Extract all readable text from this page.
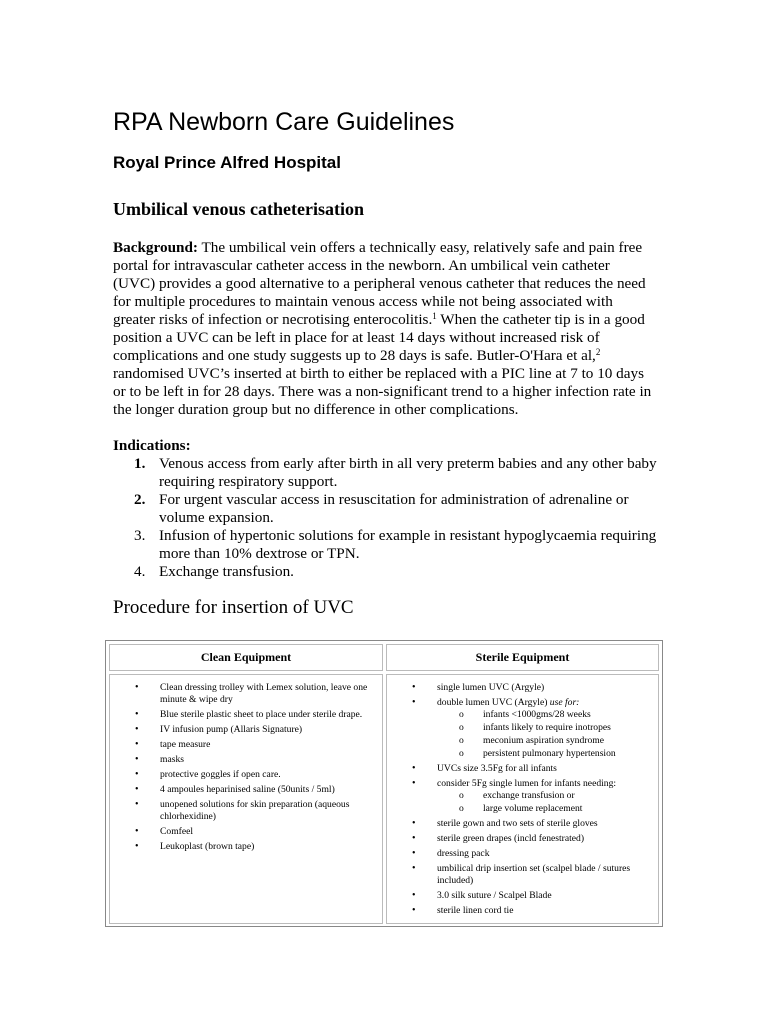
RPA Newborn Care Guidelines
Royal Prince Alfred Hospital
Umbilical venous catheterisation

Background: The umbilical vein offers a technically easy, relatively safe and pain free portal for intravascular catheter access in the newborn. An umbilical vein catheter (UVC) provides a good alternative to a peripheral venous catheter that reduces the need for multiple procedures to maintain venous access while not being associated with greater risks of infection or necrotising enterocolitis.$^1$ When the catheter tip is in a good position a UVC can be left in place for at least 14 days without increased risk of complications and one study suggests up to 28 days is safe. Butler-O'Hara et al,$^2$ randomised UVC’s inserted at birth to either be replaced with a PIC line at 7 to 10 days or to be left in for 28 days. There was a non-significant trend to a higher infection rate in the longer duration group but no difference in other complications.

Indications:

1. Venous access from early after birth in all very preterm babies and any other baby requiring respiratory support.
2. For urgent vascular access in resuscitation for administration of adrenaline or volume expansion.
3. Infusion of hypertonic solutions for example in resistant hypoglycaemia requiring more than 10% dextrose or TPN.
4. Exchange transfusion.
Procedure for insertion of UVC
Clean Equipment	Sterile Equipment
• Clean dressing trolley with Lemex solution, leave one minute & wipe dry
• Blue sterile plastic sheet to place under sterile drape.
• IV infusion pump (Allaris Signature)
• tape measure
• masks
• protective goggles if open care.
• 4 ampoules heparinised saline (50units / 5ml)
• unopened solutions for skin preparation (aqueous chlorhexidine)
• Comfeel
• Leukoplast (brown tape)
• single lumen UVC (Argyle)
• double lumen UVC (Argyle) use for:
o infants <1000gms/28 weeks
o infants likely to require inotropes
o meconium aspiration syndrome
o persistent pulmonary hypertension
• UVCs size 3.5Fg for all infants
• consider 5Fg single lumen for infants needing:
o exchange transfusion or
o large volume replacement
• sterile gown and two sets of sterile gloves
• sterile green drapes (incld fenestrated)
• dressing pack
• umbilical drip insertion set (scalpel blade / sutures included)
• 3.0 silk suture / Scalpel Blade
• sterile linen cord tie
